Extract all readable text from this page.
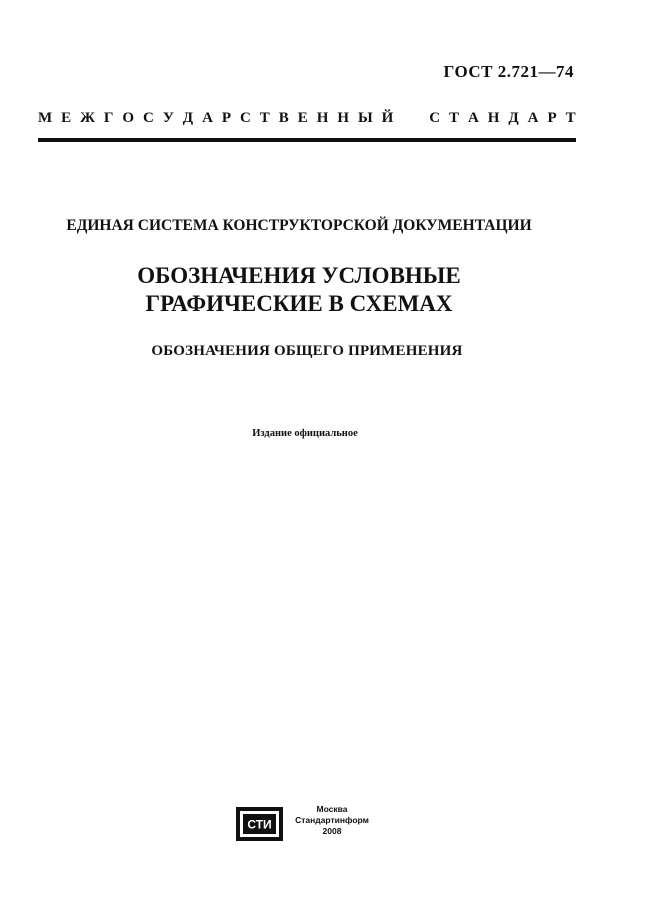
ГОСТ 2.721—74
М Е Ж Г О С У Д А Р С Т В Е Н Н Ы Й С Т А Н Д А Р Т
ЕДИНАЯ СИСТЕМА КОНСТРУКТОРСКОЙ ДОКУМЕНТАЦИИ
ОБОЗНАЧЕНИЯ УСЛОВНЫЕ
ГРАФИЧЕСКИЕ В СХЕМАХ
ОБОЗНАЧЕНИЯ ОБЩЕГО ПРИМЕНЕНИЯ
Издание официальное
СТИ
Москва
Стандартинформ
2008
